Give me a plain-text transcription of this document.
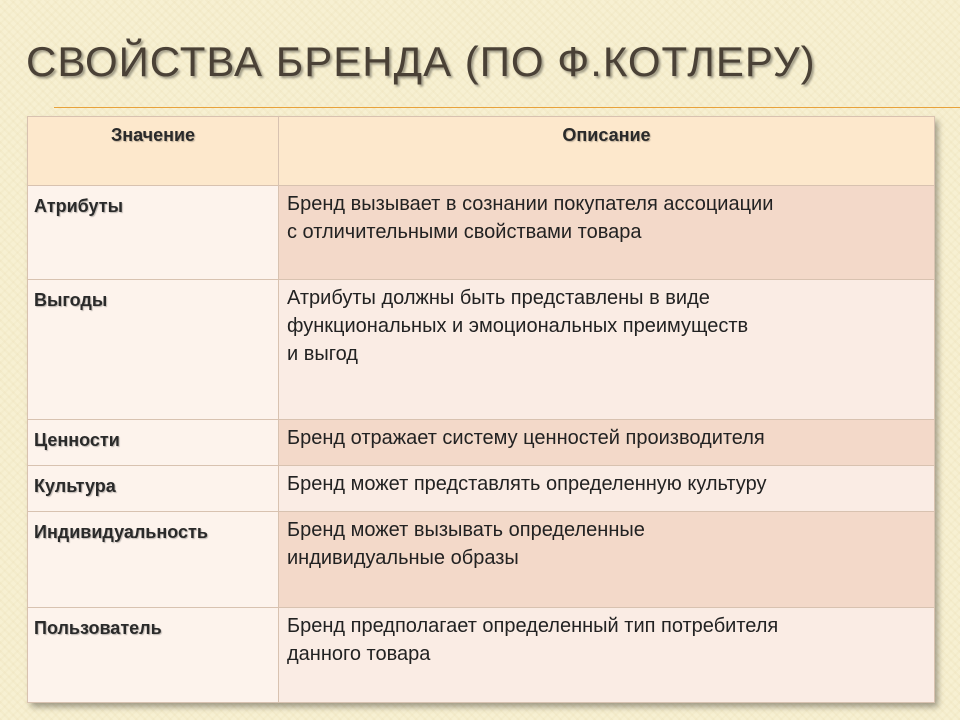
СВОЙСТВА БРЕНДА (ПО Ф.КОТЛЕРУ)
Значение	Описание
Атрибуты	Бренд вызывает в сознании покупателя ассоциации
с отличительными свойствами товара

Выгоды	Атрибуты должны быть представлены в виде
функциональных и эмоциональных преимуществ
и выгод

Ценности	Бренд отражает систему ценностей производителя

Культура	Бренд может представлять определенную культуру

Индивидуальность	Бренд может вызывать определенные
индивидуальные образы

Пользователь	Бренд предполагает определенный тип потребителя
данного товара
